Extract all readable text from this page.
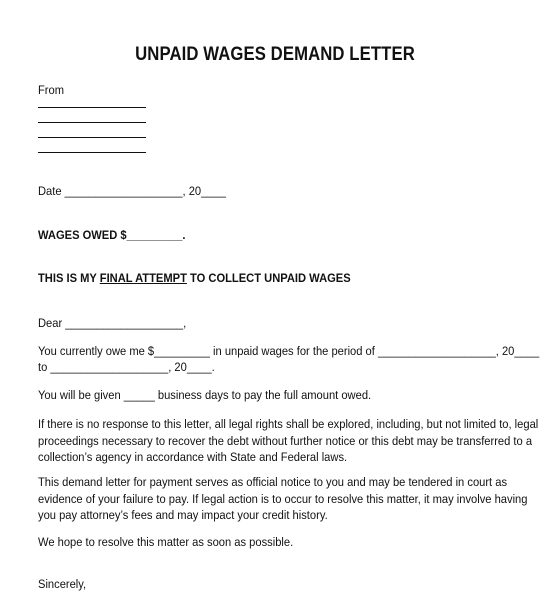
UNPAID WAGES DEMAND LETTER
From
Date ___________________, 20____
WAGES OWED $_________.
THIS IS MY FINAL ATTEMPT TO COLLECT UNPAID WAGES
Dear ___________________,
You currently owe me $_________ in unpaid wages for the period of ___________________, 20____
to ___________________, 20____.
You will be given _____ business days to pay the full amount owed.
If there is no response to this letter, all legal rights shall be explored, including, but not limited to, legal
proceedings necessary to recover the debt without further notice or this debt may be transferred to a
collection’s agency in accordance with State and Federal laws.
This demand letter for payment serves as official notice to you and may be tendered in court as
evidence of your failure to pay. If legal action is to occur to resolve this matter, it may involve having
you pay attorney’s fees and may impact your credit history.
We hope to resolve this matter as soon as possible.
Sincerely,
